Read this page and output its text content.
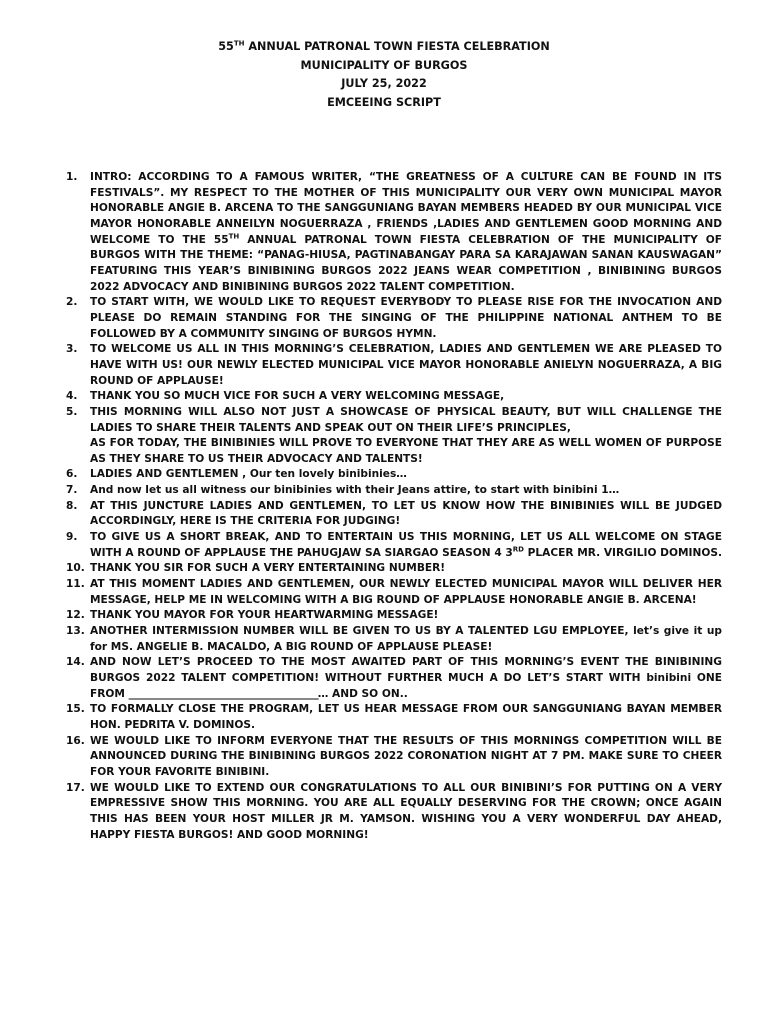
55TH ANNUAL PATRONAL TOWN FIESTA CELEBRATION
MUNICIPALITY OF BURGOS
JULY 25, 2022
EMCEEING SCRIPT
1.	INTRO: ACCORDING TO A FAMOUS WRITER, “THE GREATNESS OF A CULTURE CAN BE FOUND IN ITS FESTIVALS”. MY RESPECT TO THE MOTHER OF THIS MUNICIPALITY OUR VERY OWN MUNICIPAL MAYOR HONORABLE ANGIE B. ARCENA TO THE SANGGUNIANG BAYAN MEMBERS HEADED BY OUR MUNICIPAL VICE MAYOR HONORABLE ANNEILYN NOGUERRAZA , FRIENDS ,LADIES AND GENTLEMEN GOOD MORNING AND WELCOME TO THE 55TH ANNUAL PATRONAL TOWN FIESTA CELEBRATION OF THE MUNICIPALITY OF BURGOS WITH THE THEME: “PANAG-HIUSA, PAGTINABANGAY PARA SA KARAJAWAN SANAN KAUSWAGAN” FEATURING THIS YEAR’S BINIBINING BURGOS 2022 JEANS WEAR COMPETITION , BINIBINING BURGOS 2022 ADVOCACY AND BINIBINING BURGOS 2022 TALENT COMPETITION.
2.	TO START WITH, WE WOULD LIKE TO REQUEST EVERYBODY TO PLEASE RISE FOR THE INVOCATION AND PLEASE DO REMAIN STANDING FOR THE SINGING OF THE PHILIPPINE NATIONAL ANTHEM TO BE FOLLOWED BY A COMMUNITY SINGING OF BURGOS HYMN.
3.	TO WELCOME US ALL IN THIS MORNING’S CELEBRATION, LADIES AND GENTLEMEN WE ARE PLEASED TO HAVE WITH US! OUR NEWLY ELECTED MUNICIPAL VICE MAYOR HONORABLE ANIELYN NOGUERRAZA, A BIG ROUND OF APPLAUSE!
4.	THANK YOU SO MUCH VICE FOR SUCH A VERY WELCOMING MESSAGE,
5.	THIS MORNING WILL ALSO NOT JUST A SHOWCASE OF PHYSICAL BEAUTY, BUT WILL CHALLENGE THE LADIES TO SHARE THEIR TALENTS AND SPEAK OUT ON THEIR LIFE’S PRINCIPLES,
AS FOR TODAY, THE BINIBINIES WILL PROVE TO EVERYONE THAT THEY ARE AS WELL WOMEN OF PURPOSE AS THEY SHARE TO US THEIR ADVOCACY AND TALENTS!
6.	LADIES AND GENTLEMEN , Our ten lovely binibinies…
7.	And now let us all witness our binibinies with their Jeans attire, to start with binibini 1…
8.	AT THIS JUNCTURE LADIES AND GENTLEMEN, TO LET US KNOW HOW THE BINIBINIES WILL BE JUDGED ACCORDINGLY, HERE IS THE CRITERIA FOR JUDGING!
9.	TO GIVE US A SHORT BREAK, AND TO ENTERTAIN US THIS MORNING, LET US ALL WELCOME ON STAGE WITH A ROUND OF APPLAUSE THE PAHUGJAW SA SIARGAO SEASON 4 3RD PLACER MR. VIRGILIO DOMINOS.
10. THANK YOU SIR FOR SUCH A VERY ENTERTAINING NUMBER!
11. AT THIS MOMENT LADIES AND GENTLEMEN, OUR NEWLY ELECTED MUNICIPAL MAYOR WILL DELIVER HER MESSAGE, HELP ME IN WELCOMING WITH A BIG ROUND OF APPLAUSE HONORABLE ANGIE B. ARCENA!
12. THANK YOU MAYOR FOR YOUR HEARTWARMING MESSAGE!
13. ANOTHER INTERMISSION NUMBER WILL BE GIVEN TO US BY A TALENTED LGU EMPLOYEE, let’s give it up for MS. ANGELIE B. MACALDO, A BIG ROUND OF APPLAUSE PLEASE!
14. AND NOW LET’S PROCEED TO THE MOST AWAITED PART OF THIS MORNING’S EVENT THE BINIBINING BURGOS 2022 TALENT COMPETITION! WITHOUT FURTHER MUCH A DO LET’S START WITH binibini ONE FROM ____________________________________________… AND SO ON..
15. TO FORMALLY CLOSE THE PROGRAM, LET US HEAR MESSAGE FROM OUR SANGGUNIANG BAYAN MEMBER HON. PEDRITA V. DOMINOS.
16. WE WOULD LIKE TO INFORM EVERYONE THAT THE RESULTS OF THIS MORNINGS COMPETITION WILL BE ANNOUNCED DURING THE BINIBINING BURGOS 2022 CORONATION NIGHT AT 7 PM. MAKE SURE TO CHEER FOR YOUR FAVORITE BINIBINI.
17. WE WOULD LIKE TO EXTEND OUR CONGRATULATIONS TO ALL OUR BINIBINI’S FOR PUTTING ON A VERY EMPRESSIVE SHOW THIS MORNING. YOU ARE ALL EQUALLY DESERVING FOR THE CROWN; ONCE AGAIN THIS HAS BEEN YOUR HOST MILLER JR M. YAMSON. WISHING YOU A VERY WONDERFUL DAY AHEAD, HAPPY FIESTA BURGOS! AND GOOD MORNING!
